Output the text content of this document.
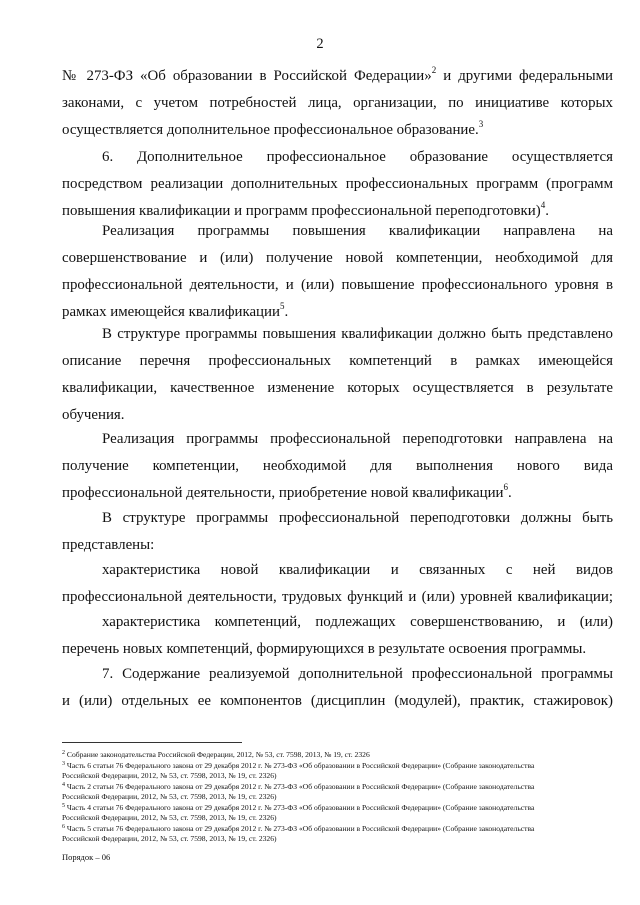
2
№ 273-ФЗ «Об образовании в Российской Федерации»$^2$ и другими федеральными
законами, с учетом потребностей лица, организации, по инициативе которых
осуществляется дополнительное профессиональное образование.$^3$
6. Дополнительное профессиональное образование осуществляется
посредством реализации дополнительных профессиональных программ (программ
повышения квалификации и программ профессиональной переподготовки)$^4$.
Реализация программы повышения квалификации направлена на
совершенствование и (или) получение новой компетенции, необходимой для
профессиональной деятельности, и (или) повышение профессионального уровня в
рамках имеющейся квалификации$^5$.
В структуре программы повышения квалификации должно быть представлено
описание перечня профессиональных компетенций в рамках имеющейся
квалификации, качественное изменение которых осуществляется в результате
обучения.
Реализация программы профессиональной переподготовки направлена на
получение компетенции, необходимой для выполнения нового вида
профессиональной деятельности, приобретение новой квалификации$^6$.
В структуре программы профессиональной переподготовки должны быть
представлены:
характеристика новой квалификации и связанных с ней видов
профессиональной деятельности, трудовых функций и (или) уровней квалификации;
характеристика компетенций, подлежащих совершенствованию, и (или)
перечень новых компетенций, формирующихся в результате освоения программы.
7. Содержание реализуемой дополнительной профессиональной программы
и (или) отдельных ее компонентов (дисциплин (модулей), практик, стажировок)
$^2$ Собрание законодательства Российской Федерации, 2012, № 53, ст. 7598, 2013, № 19, ст. 2326
$^3$ Часть 6 статьи 76 Федерального закона от 29 декабря 2012 г. № 273-ФЗ «Об образовании в Российской Федерации» (Собрание законодательства
Российской Федерации, 2012, № 53, ст. 7598, 2013, № 19, ст. 2326)
$^4$ Часть 2 статьи 76 Федерального закона от 29 декабря 2012 г. № 273-ФЗ «Об образовании в Российской Федерации» (Собрание законодательства
Российской Федерации, 2012, № 53, ст. 7598, 2013, № 19, ст. 2326)
$^5$ Часть 4 статьи 76 Федерального закона от 29 декабря 2012 г. № 273-ФЗ «Об образовании в Российской Федерации» (Собрание законодательства
Российской Федерации, 2012, № 53, ст. 7598, 2013, № 19, ст. 2326)
$^6$ Часть 5 статьи 76 Федерального закона от 29 декабря 2012 г. № 273-ФЗ «Об образовании в Российской Федерации» (Собрание законодательства
Российской Федерации, 2012, № 53, ст. 7598, 2013, № 19, ст. 2326)
Порядок – 06
